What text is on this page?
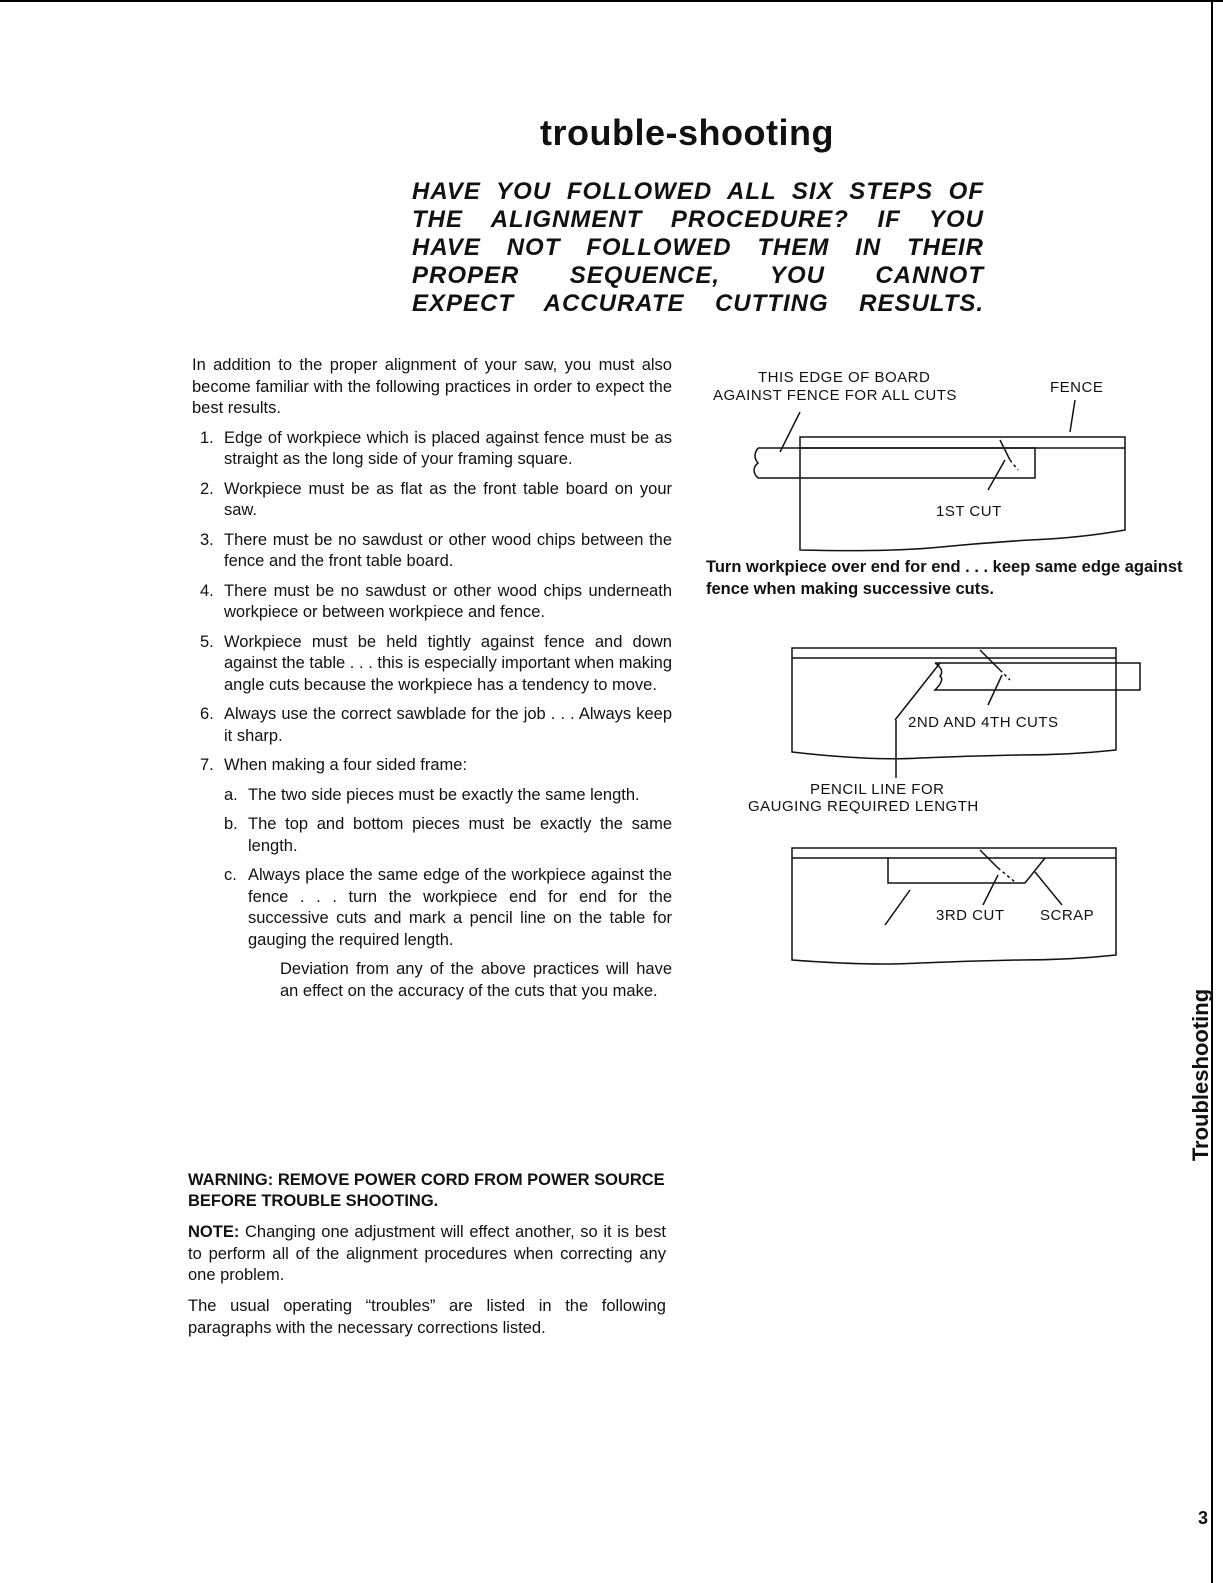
trouble-shooting
HAVE YOU FOLLOWED ALL SIX STEPS OF
THE ALIGNMENT PROCEDURE? IF YOU
HAVE NOT FOLLOWED THEM IN THEIR
PROPER SEQUENCE, YOU CANNOT
EXPECT ACCURATE CUTTING RESULTS.

In addition to the proper alignment of your saw, you must also become familiar with the following practices in order to expect the best results.

1. Edge of workpiece which is placed against fence must be as straight as the long side of your framing square.
2. Workpiece must be as flat as the front table board on your saw.
3. There must be no sawdust or other wood chips between the fence and the front table board.
4. There must be no sawdust or other wood chips underneath workpiece or between workpiece and fence.
5. Workpiece must be held tightly against fence and down against the table . . . this is especially important when making angle cuts because the workpiece has a tendency to move.
6. Always use the correct sawblade for the job . . . Always keep it sharp.
7. When making a four sided frame:
a. The two side pieces must be exactly the same length.
b. The top and bottom pieces must be exactly the same length.
c. Always place the same edge of the workpiece against the fence . . . turn the workpiece end for end for the successive cuts and mark a pencil line on the table for gauging the required length.

Deviation from any of the above practices will have an effect on the accuracy of the cuts that you make.

WARNING: REMOVE POWER CORD FROM POWER SOURCE BEFORE TROUBLE SHOOTING.
NOTE: Changing one adjustment will effect another, so it is best to perform all of the alignment procedures when correcting any one problem.
The usual operating “troubles” are listed in the following paragraphs with the necessary corrections listed.
Turn workpiece over end for end . . . keep same edge against fence when making successive cuts.
THIS EDGE OF BOARD
AGAINST FENCE FOR ALL CUTS	FENCE
1ST CUT
2ND AND 4TH CUTS
PENCIL LINE FOR
GAUGING REQUIRED LENGTH
3RD CUT SCRAP
Troubleshooting
3
